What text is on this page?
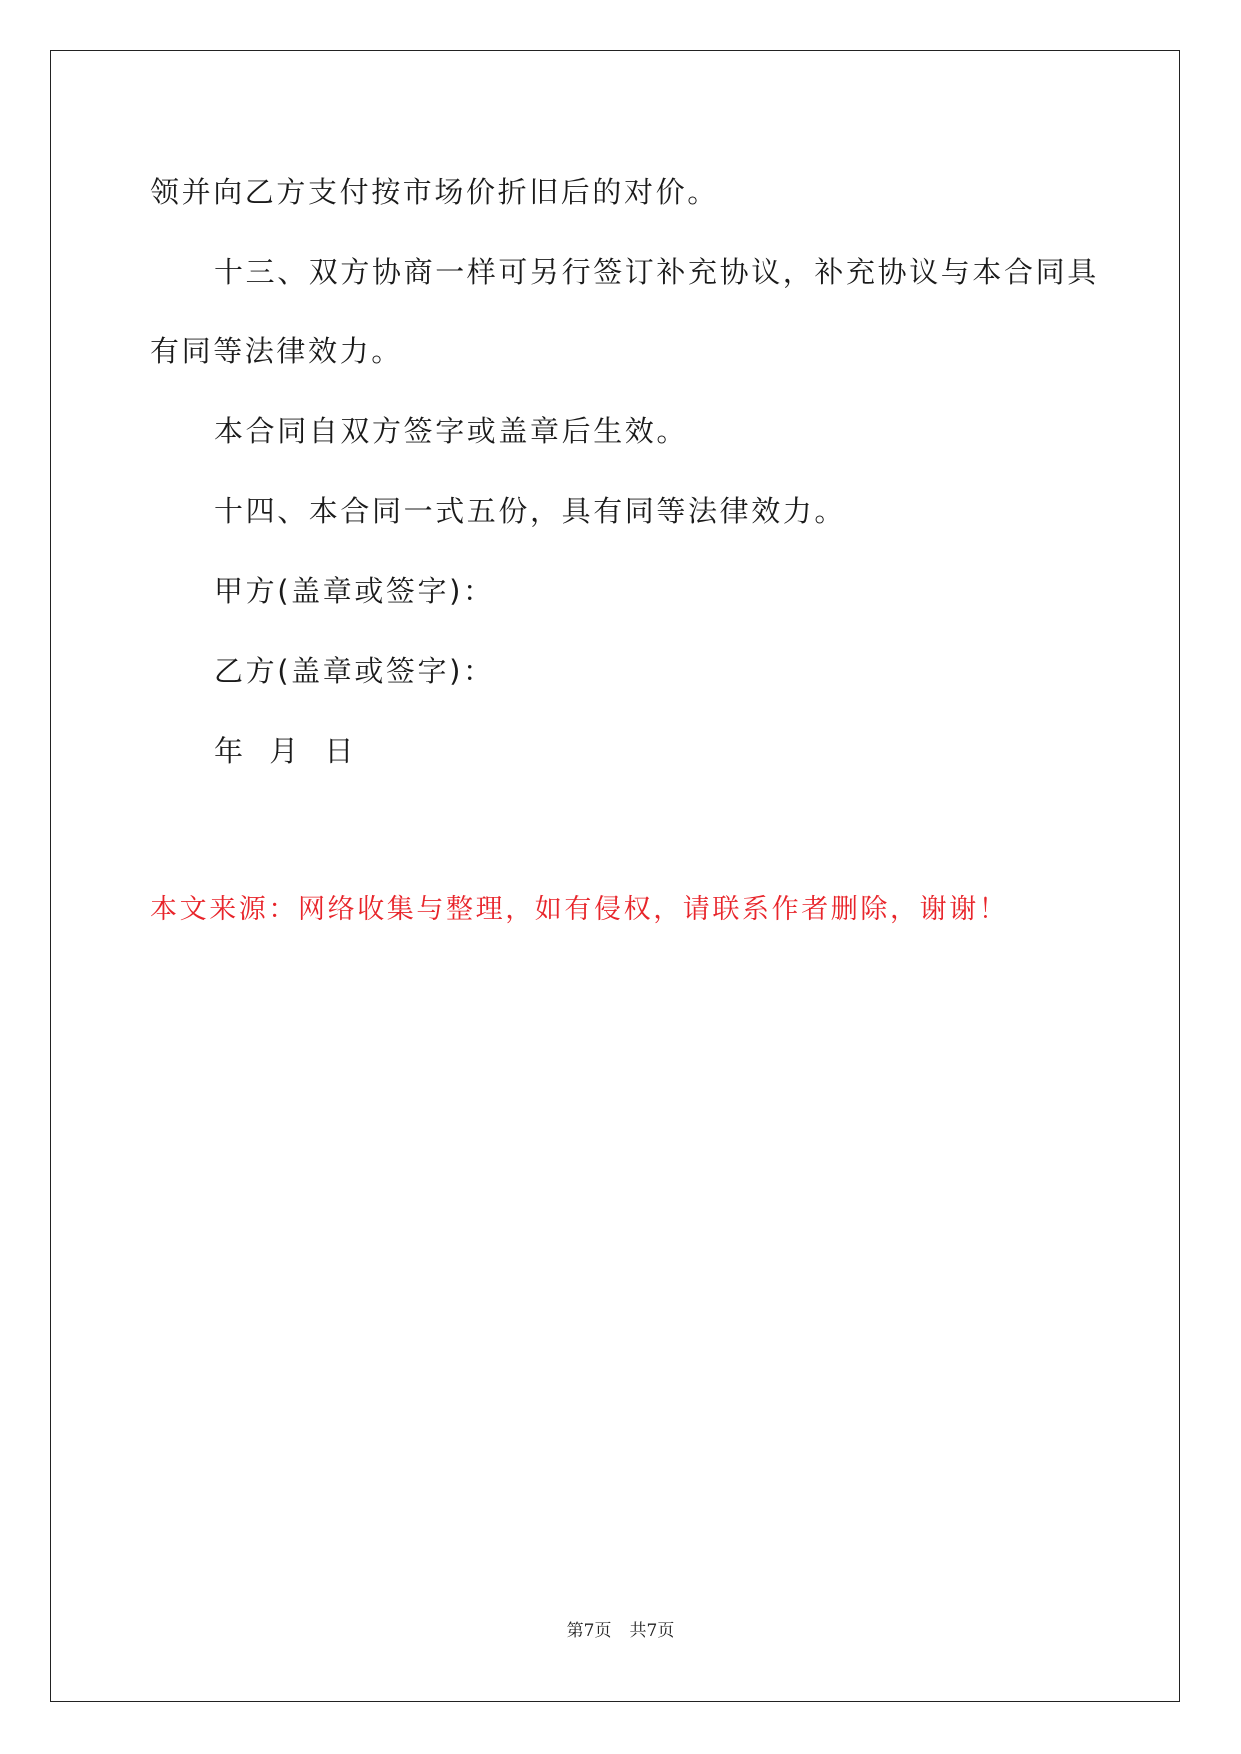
领并向乙方支付按市场价折旧后的对价。
十三、双方协商一样可另行签订补充协议，补充协议与本合同具
有同等法律效力。
本合同自双方签字或盖章后生效。
十四、本合同一式五份，具有同等法律效力。
甲方(盖章或签字)：
乙方(盖章或签字)：
年  月  日
本文来源：网络收集与整理，如有侵权，请联系作者删除，谢谢！
第7页 共7页
